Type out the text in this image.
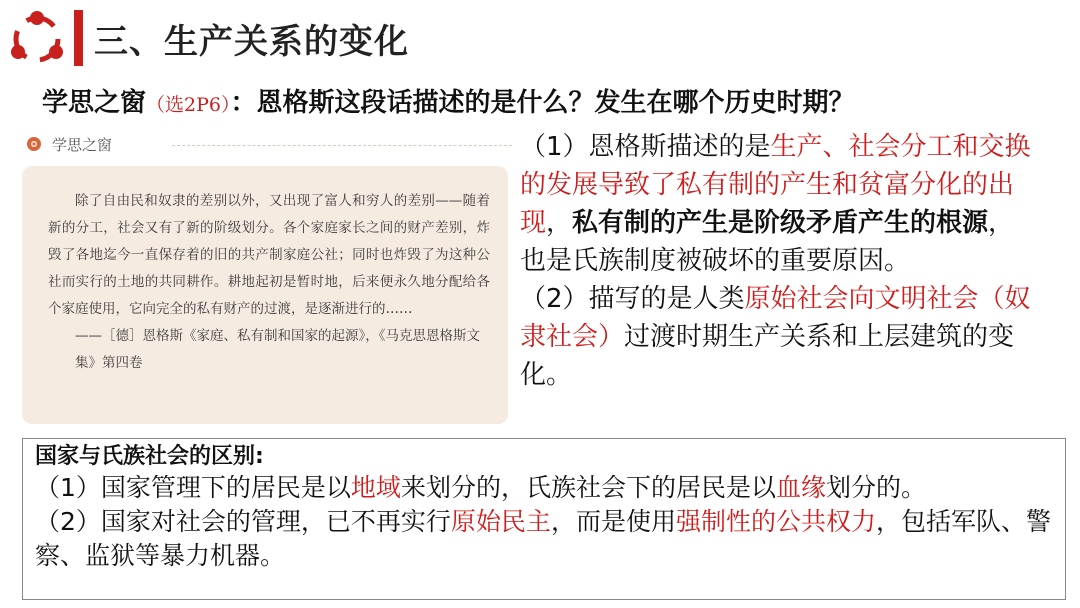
三、生产关系的变化
学思之窗（选2P6）：恩格斯这段话描述的是什么？发生在哪个历史时期？
学思之窗

除了自由民和奴隶的差别以外，又出现了富人和穷人的差别——随着新的分工，社会又有了新的阶级划分。各个家庭家长之间的财产差别，炸毁了各地迄今一直保存着的旧的共产制家庭公社；同时也炸毁了为这种公社而实行的土地的共同耕作。耕地起初是暂时地，后来便永久地分配给各个家庭使用，它向完全的私有财产的过渡，是逐渐进行的……

——［德］恩格斯《家庭、私有制和国家的起源》，《马克思恩格斯文集》第四卷

（1）恩格斯描述的是生产、社会分工和交换的发展导致了私有制的产生和贫富分化的出现，私有制的产生是阶级矛盾产生的根源，也是氏族制度被破坏的重要原因。

（2）描写的是人类原始社会向文明社会（奴隶社会）过渡时期生产关系和上层建筑的变化。

国家与氏族社会的区别:

（1）国家管理下的居民是以地域来划分的，氏族社会下的居民是以血缘划分的。

（2）国家对社会的管理，已不再实行原始民主，而是使用强制性的公共权力，包括军队、警察、监狱等暴力机器。
